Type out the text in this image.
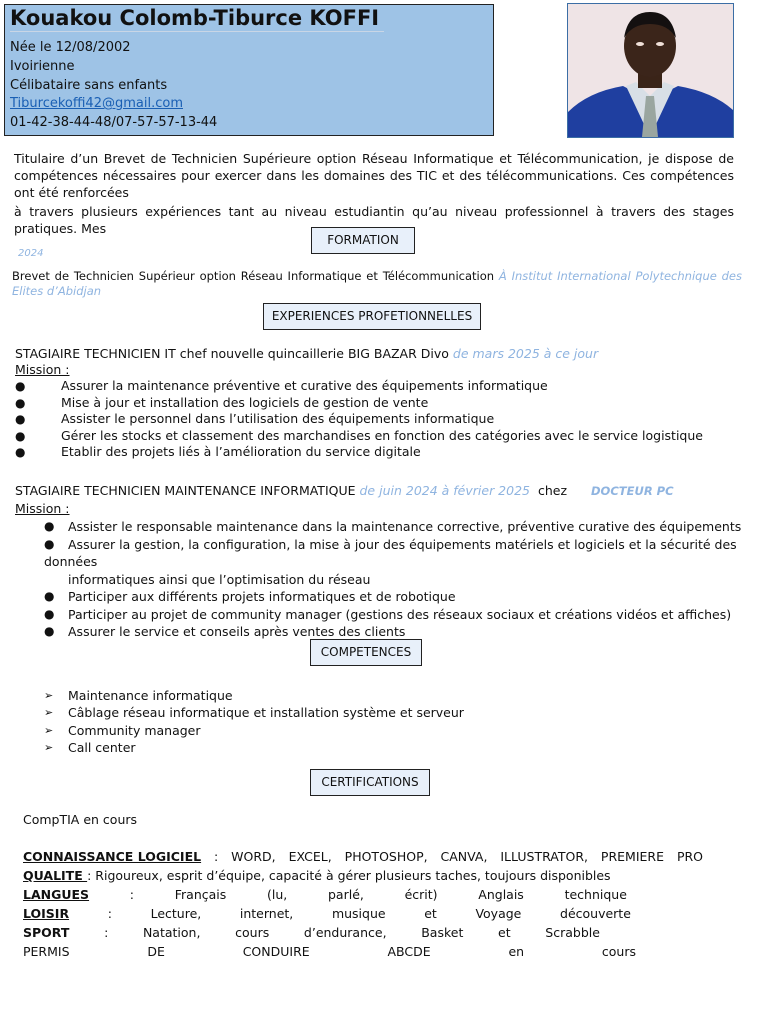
Kouakou Colomb-Tiburce KOFFI
Née le 12/08/2002
Ivoirienne
Célibataire sans enfants
Tiburcekoffi42@gmail.com
01-42-38-44-48/07-57-57-13-44

Titulaire d’un Brevet de Technicien Supérieure option Réseau Informatique et Télécommunication, je dispose de compétences nécessaires pour exercer dans les domaines des TIC et des télécommunications. Ces compétences ont été renforcées

à travers plusieurs expériences tant au niveau estudiantin qu’au niveau professionnel à travers des stages pratiques. Mes

FORMATION
2024
Brevet de Technicien Supérieur option Réseau Informatique et Télécommunication À Institut International Polytechnique des Elites d’Abidjan
EXPERIENCES PROFETIONNELLES
STAGIAIRE TECHNICIEN IT chef nouvelle quincaillerie BIG BAZAR Divo de mars 2025 à ce jour
Mission :
●	Assurer la maintenance préventive et curative des équipements informatique
●	Mise à jour et installation des logiciels de gestion de vente
●	Assister le personnel dans l’utilisation des équipements informatique
●	Gérer les stocks et classement des marchandises en fonction des catégories avec le service logistique
●	Etablir des projets liés à l’amélioration du service digitale
STAGIAIRE TECHNICIEN MAINTENANCE INFORMATIQUE de juin 2024 à février 2025 chez DOCTEUR PC
Mission :
● Assister le responsable maintenance dans la maintenance corrective, préventive curative des équipements
● Assurer la gestion, la configuration, la mise à jour des équipements matériels et logiciels et la sécurité des données
informatiques ainsi que l’optimisation du réseau
● Participer aux différents projets informatiques et de robotique
● Participer au projet de community manager (gestions des réseaux sociaux et créations vidéos et affiches)
● Assurer le service et conseils après ventes des clients
COMPETENCES
➢ Maintenance informatique
➢ Câblage réseau informatique et installation système et serveur
➢ Community manager
➢ Call center
CERTIFICATIONS
CompTIA en cours
CONNAISSANCE LOGICIEL : WORD, EXCEL, PHOTOSHOP, CANVA, ILLUSTRATOR, PREMIERE PRO
QUALITE : Rigoureux, esprit d’équipe, capacité à gérer plusieurs taches, toujours disponibles
LANGUES	:	Français	(lu,	parlé,	écrit)	Anglais	technique
LOISIR	:	Lecture,	internet,	musique	et	Voyage	découverte
SPORT	:	Natation,	cours	d’endurance,	Basket	et	Scrabble
PERMIS	DE	CONDUIRE	ABCDE	en	cours
